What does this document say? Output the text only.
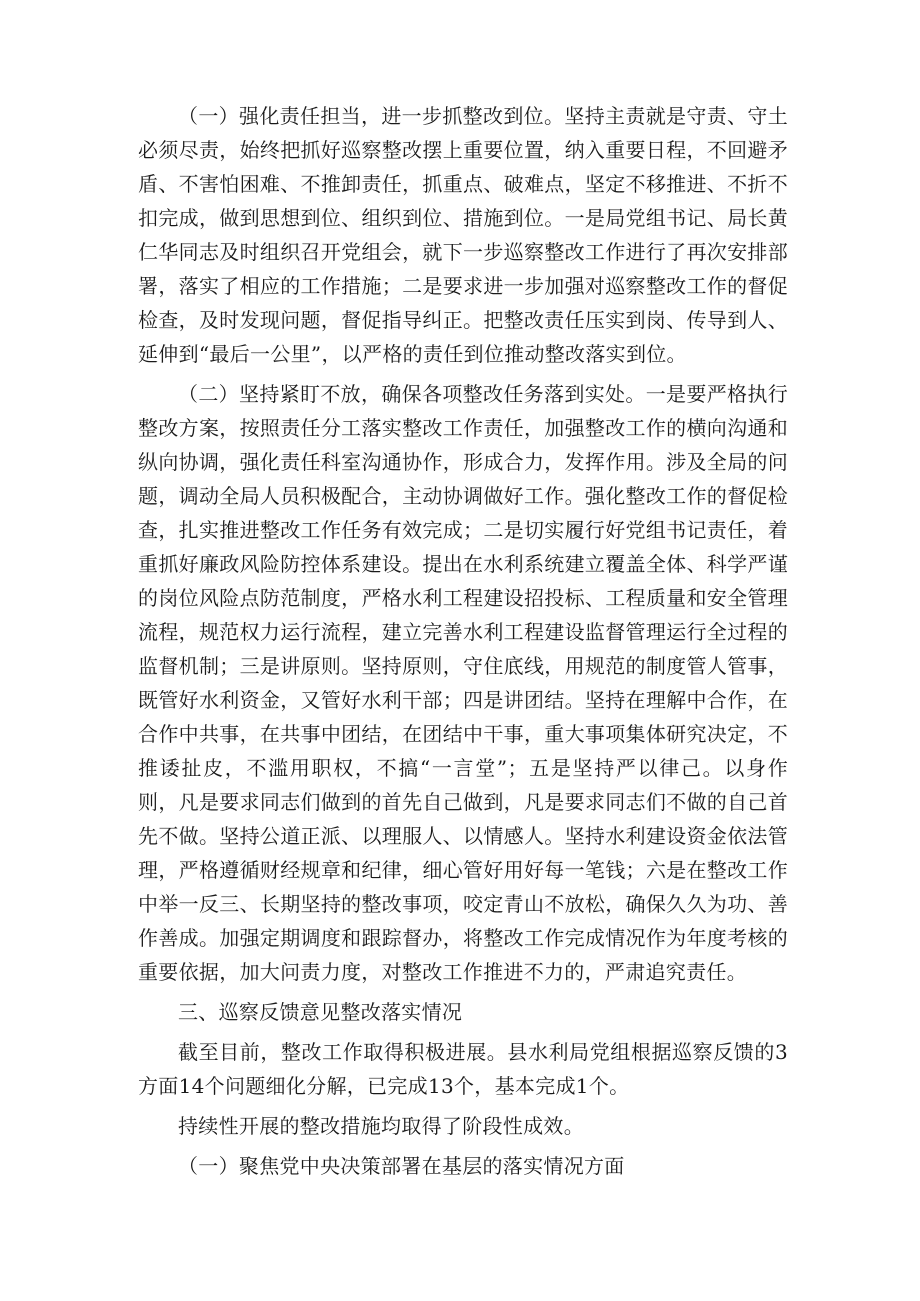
（一）强化责任担当，进一步抓整改到位。坚持主责就是守责、守土必须尽责，始终把抓好巡察整改摆上重要位置，纳入重要日程，不回避矛盾、不害怕困难、不推卸责任，抓重点、破难点，坚定不移推进、不折不扣完成，做到思想到位、组织到位、措施到位。一是局党组书记、局长黄仁华同志及时组织召开党组会，就下一步巡察整改工作进行了再次安排部署，落实了相应的工作措施；二是要求进一步加强对巡察整改工作的督促检查，及时发现问题，督促指导纠正。把整改责任压实到岗、传导到人、延伸到“最后一公里”，以严格的责任到位推动整改落实到位。

（二）坚持紧盯不放，确保各项整改任务落到实处。一是要严格执行整改方案，按照责任分工落实整改工作责任，加强整改工作的横向沟通和纵向协调，强化责任科室沟通协作，形成合力，发挥作用。涉及全局的问题，调动全局人员积极配合，主动协调做好工作。强化整改工作的督促检查，扎实推进整改工作任务有效完成；二是切实履行好党组书记责任，着重抓好廉政风险防控体系建设。提出在水利系统建立覆盖全体、科学严谨的岗位风险点防范制度，严格水利工程建设招投标、工程质量和安全管理流程，规范权力运行流程，建立完善水利工程建设监督管理运行全过程的监督机制；三是讲原则。坚持原则，守住底线，用规范的制度管人管事，既管好水利资金，又管好水利干部；四是讲团结。坚持在理解中合作，在合作中共事，在共事中团结，在团结中干事，重大事项集体研究决定，不推诿扯皮，不滥用职权，不搞“一言堂”；五是坚持严以律己。以身作则，凡是要求同志们做到的首先自己做到，凡是要求同志们不做的自己首先不做。坚持公道正派、以理服人、以情感人。坚持水利建设资金依法管理，严格遵循财经规章和纪律，细心管好用好每一笔钱；六是在整改工作中举一反三、长期坚持的整改事项，咬定青山不放松，确保久久为功、善作善成。加强定期调度和跟踪督办，将整改工作完成情况作为年度考核的重要依据，加大问责力度，对整改工作推进不力的，严肃追究责任。

三、巡察反馈意见整改落实情况

截至目前，整改工作取得积极进展。县水利局党组根据巡察反馈的3方面14个问题细化分解，已完成13个，基本完成1个。

持续性开展的整改措施均取得了阶段性成效。

（一）聚焦党中央决策部署在基层的落实情况方面
